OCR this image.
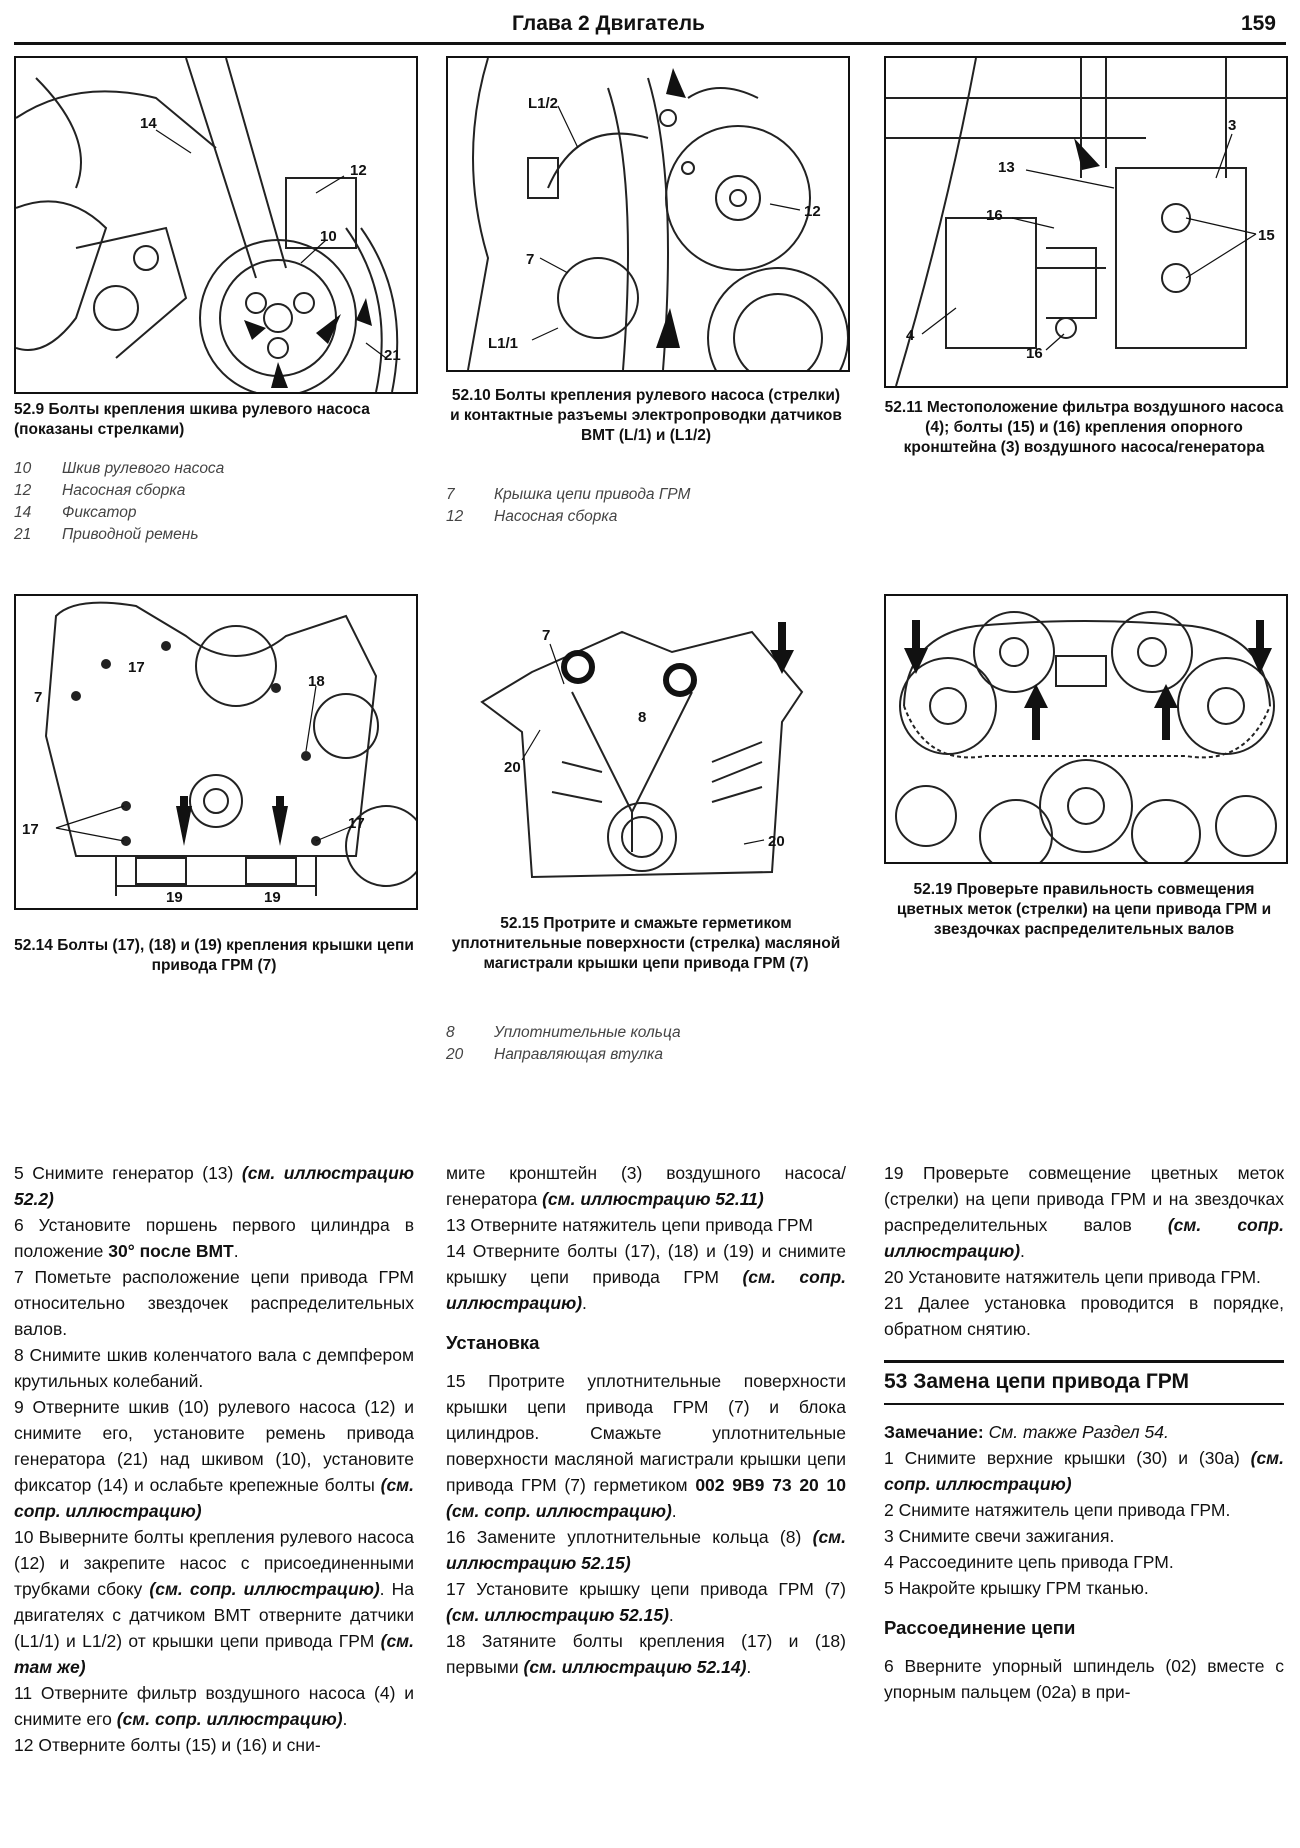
Глава 2 Двигатель	159
14
12
10
21
52.9 Болты крепления шкива рулевого насоса (показаны стрелками)
10	Шкив рулевого насоса
12	Насосная сборка
14	Фиксатор
21	Приводной ремень
L1/2
12
7
L1/1
52.10 Болты крепления рулевого насоса (стрелки) и контактные разъемы электропроводки датчиков ВМТ (L/1) и (L1/2)
7	Крышка цепи привода ГРМ
12	Насосная сборка
3
13
16
15
4
16
52.11 Местоположение фильтра воздушного насоса (4); болты (15) и (16) крепления опорного кронштейна (3) воздушного насоса/генератора
17
7
18
17	17
19	19
52.14 Болты (17), (18) и (19) крепления крышки цепи привода ГРМ (7)
7
8
20
20
52.15 Протрите и смажьте герметиком уплотнительные поверхности (стрелка) масляной магистрали крышки цепи привода ГРМ (7)
8	Уплотнительные кольца
20	Направляющая втулка
52.19 Проверьте правильность совмещения цветных меток (стрелки) на цепи привода ГРМ и звездочках распределительных валов

5 Снимите генератор (13) (см. иллюстрацию 52.2)

6 Установите поршень первого цилиндра в положение 30° после ВМТ.

7 Пометьте расположение цепи привода ГРМ относительно звездочек распределительных валов.

8 Снимите шкив коленчатого вала с демпфером крутильных колебаний.

9 Отверните шкив (10) рулевого насоса (12) и снимите его, установите ремень привода генератора (21) над шкивом (10), установите фиксатор (14) и ослабьте крепежные болты (см. сопр. иллюстрацию)

10 Выверните болты крепления рулевого насоса (12) и закрепите насос с присоединенными трубками сбоку (см. сопр. иллюстрацию). На двигателях с датчиком ВМТ отверните датчики (L1/1) и L1/2) от крышки цепи привода ГРМ (см. там же)

11 Отверните фильтр воздушного насоса (4) и снимите его (см. сопр. иллюстрацию).

12 Отверните болты (15) и (16) и сни-

мите кронштейн (3) воздушного насоса/генератора (см. иллюстрацию 52.11)

13 Отверните натяжитель цепи привода ГРМ

14 Отверните болты (17), (18) и (19) и снимите крышку цепи привода ГРМ (см. сопр. иллюстрацию).

Установка

15 Протрите уплотнительные поверхности крышки цепи привода ГРМ (7) и блока цилиндров. Смажьте уплотнительные поверхности масляной магистрали крышки цепи привода ГРМ (7) герметиком 002 9В9 73 20 10 (см. сопр. иллюстрацию).

16 Замените уплотнительные кольца (8) (см. иллюстрацию 52.15)

17 Установите крышку цепи привода ГРМ (7) (см. иллюстрацию 52.15).

18 Затяните болты крепления (17) и (18) первыми (см. иллюстрацию 52.14).

19 Проверьте совмещение цветных меток (стрелки) на цепи привода ГРМ и на звездочках распределительных валов (см. сопр. иллюстрацию).

20 Установите натяжитель цепи привода ГРМ.

21 Далее установка проводится в порядке, обратном снятию.

53 Замена цепи привода ГРМ

Замечание: См. также Раздел 54.

1 Снимите верхние крышки (30) и (30а) (см. сопр. иллюстрацию)

2 Снимите натяжитель цепи привода ГРМ.

3 Снимите свечи зажигания.

4 Рассоедините цепь привода ГРМ.

5 Накройте крышку ГРМ тканью.

Рассоединение цепи

6 Вверните упорный шпиндель (02) вместе с упорным пальцем (02а) в при-
